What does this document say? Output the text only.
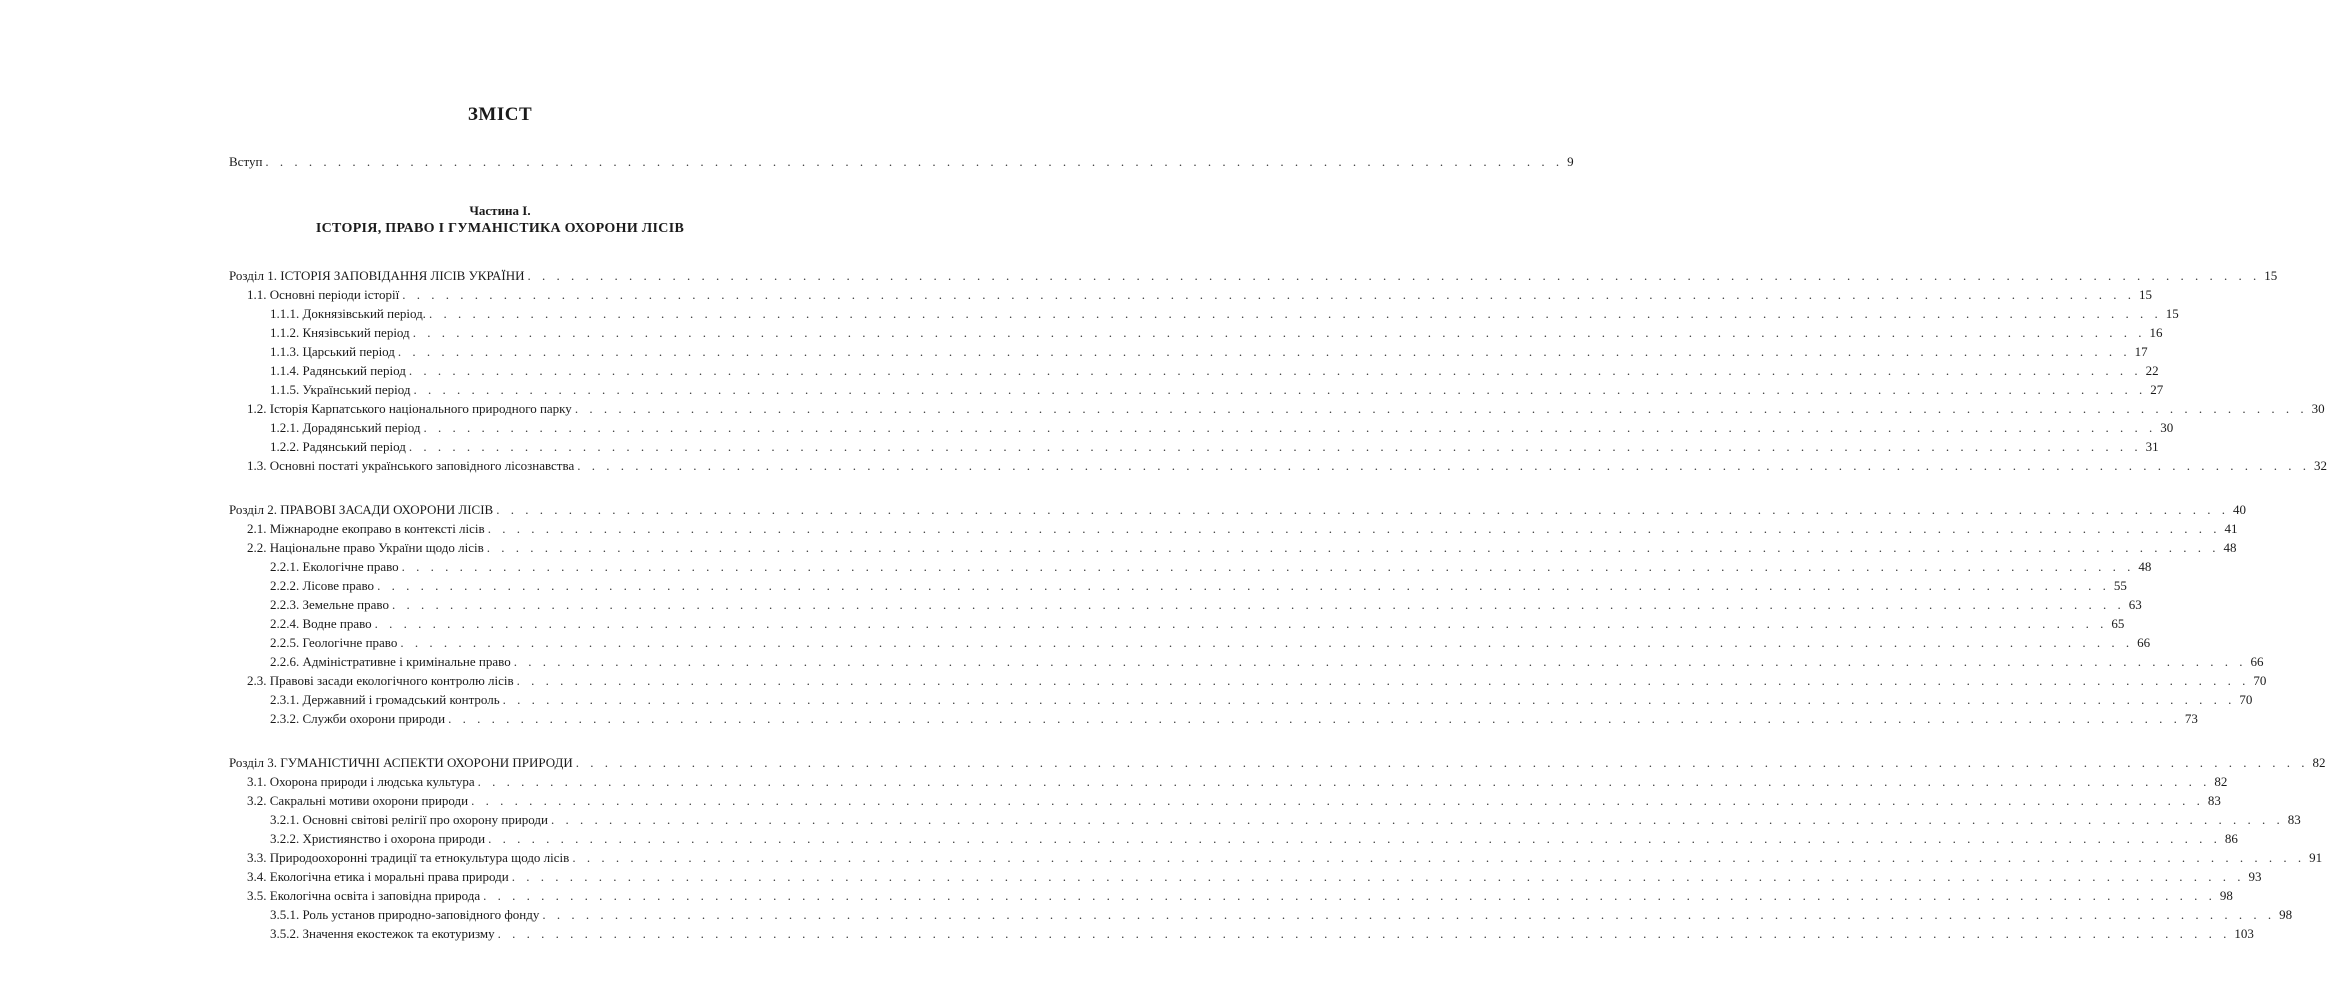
ЗМІСТ
Вступ . . . . . . . . . . . . . . . . . . . . . . . . . . . . . . . . . . . . . . . . . . . . . . . . . . . . . . . . . . . . . . . . . . . . . . . . . . . . . . . . . . . . . . . . . . 9
Частина І.
ІСТОРІЯ, ПРАВО І ГУМАНІСТИКА ОХОРОНИ ЛІСІВ
Розділ 1. ІСТОРІЯ ЗАПОВІДАННЯ ЛІСІВ УКРАЇНИ . . . . . . . . . . . . . . . . . . . . . . . . . . . . . . . . . . . . . . . . . . . . . . . . . . . . . . . . . . . . . . . . . . . . . . . . . . . . . . . . . . . . . . . . . . . . . . . . . . . . . . . . . . . . . . . . . . . . . . . . 15
1.1. Основні періоди історії . . . . . . . . . . . . . . . . . . . . . . . . . . . . . . . . . . . . . . . . . . . . . . . . . . . . . . . . . . . . . . . . . . . . . . . . . . . . . . . . . . . . . . . . . . . . . . . . . . . . . . . . . . . . . . . . . . . . . . . . 15
1.1.1. Докнязівський період. . . . . . . . . . . . . . . . . . . . . . . . . . . . . . . . . . . . . . . . . . . . . . . . . . . . . . . . . . . . . . . . . . . . . . . . . . . . . . . . . . . . . . . . . . . . . . . . . . . . . . . . . . . . . . . . . . . . . . . . . 15
1.1.2. Князівський період . . . . . . . . . . . . . . . . . . . . . . . . . . . . . . . . . . . . . . . . . . . . . . . . . . . . . . . . . . . . . . . . . . . . . . . . . . . . . . . . . . . . . . . . . . . . . . . . . . . . . . . . . . . . . . . . . . . . . . . . 16
1.1.3. Царський період . . . . . . . . . . . . . . . . . . . . . . . . . . . . . . . . . . . . . . . . . . . . . . . . . . . . . . . . . . . . . . . . . . . . . . . . . . . . . . . . . . . . . . . . . . . . . . . . . . . . . . . . . . . . . . . . . . . . . . . . 17
1.1.4. Радянський період . . . . . . . . . . . . . . . . . . . . . . . . . . . . . . . . . . . . . . . . . . . . . . . . . . . . . . . . . . . . . . . . . . . . . . . . . . . . . . . . . . . . . . . . . . . . . . . . . . . . . . . . . . . . . . . . . . . . . . . . 22
1.1.5. Український період . . . . . . . . . . . . . . . . . . . . . . . . . . . . . . . . . . . . . . . . . . . . . . . . . . . . . . . . . . . . . . . . . . . . . . . . . . . . . . . . . . . . . . . . . . . . . . . . . . . . . . . . . . . . . . . . . . . . . . . . 27
1.2. Історія Карпатського національного природного парку . . . . . . . . . . . . . . . . . . . . . . . . . . . . . . . . . . . . . . . . . . . . . . . . . . . . . . . . . . . . . . . . . . . . . . . . . . . . . . . . . . . . . . . . . . . . . . . . . . . . . . . . . . . . . . . . . . . . . . . . 30
1.2.1. Дорадянський період . . . . . . . . . . . . . . . . . . . . . . . . . . . . . . . . . . . . . . . . . . . . . . . . . . . . . . . . . . . . . . . . . . . . . . . . . . . . . . . . . . . . . . . . . . . . . . . . . . . . . . . . . . . . . . . . . . . . . . . . 30
1.2.2. Радянський період . . . . . . . . . . . . . . . . . . . . . . . . . . . . . . . . . . . . . . . . . . . . . . . . . . . . . . . . . . . . . . . . . . . . . . . . . . . . . . . . . . . . . . . . . . . . . . . . . . . . . . . . . . . . . . . . . . . . . . . . 31
1.3. Основні постаті українського заповідного лісознавства . . . . . . . . . . . . . . . . . . . . . . . . . . . . . . . . . . . . . . . . . . . . . . . . . . . . . . . . . . . . . . . . . . . . . . . . . . . . . . . . . . . . . . . . . . . . . . . . . . . . . . . . . . . . . . . . . . . . . . . . 32
Розділ 2. ПРАВОВІ ЗАСАДИ ОХОРОНИ ЛІСІВ . . . . . . . . . . . . . . . . . . . . . . . . . . . . . . . . . . . . . . . . . . . . . . . . . . . . . . . . . . . . . . . . . . . . . . . . . . . . . . . . . . . . . . . . . . . . . . . . . . . . . . . . . . . . . . . . . . . . . . . . 40
2.1. Міжнародне екоправо в контексті лісів . . . . . . . . . . . . . . . . . . . . . . . . . . . . . . . . . . . . . . . . . . . . . . . . . . . . . . . . . . . . . . . . . . . . . . . . . . . . . . . . . . . . . . . . . . . . . . . . . . . . . . . . . . . . . . . . . . . . . . . . 41
2.2. Національне право України щодо лісів . . . . . . . . . . . . . . . . . . . . . . . . . . . . . . . . . . . . . . . . . . . . . . . . . . . . . . . . . . . . . . . . . . . . . . . . . . . . . . . . . . . . . . . . . . . . . . . . . . . . . . . . . . . . . . . . . . . . . . . . 48
2.2.1. Екологічне право . . . . . . . . . . . . . . . . . . . . . . . . . . . . . . . . . . . . . . . . . . . . . . . . . . . . . . . . . . . . . . . . . . . . . . . . . . . . . . . . . . . . . . . . . . . . . . . . . . . . . . . . . . . . . . . . . . . . . . . . 48
2.2.2. Лісове право . . . . . . . . . . . . . . . . . . . . . . . . . . . . . . . . . . . . . . . . . . . . . . . . . . . . . . . . . . . . . . . . . . . . . . . . . . . . . . . . . . . . . . . . . . . . . . . . . . . . . . . . . . . . . . . . . . . . . . . . 55
2.2.3. Земельне право . . . . . . . . . . . . . . . . . . . . . . . . . . . . . . . . . . . . . . . . . . . . . . . . . . . . . . . . . . . . . . . . . . . . . . . . . . . . . . . . . . . . . . . . . . . . . . . . . . . . . . . . . . . . . . . . . . . . . . . . 63
2.2.4. Водне право . . . . . . . . . . . . . . . . . . . . . . . . . . . . . . . . . . . . . . . . . . . . . . . . . . . . . . . . . . . . . . . . . . . . . . . . . . . . . . . . . . . . . . . . . . . . . . . . . . . . . . . . . . . . . . . . . . . . . . . . 65
2.2.5. Геологічне право . . . . . . . . . . . . . . . . . . . . . . . . . . . . . . . . . . . . . . . . . . . . . . . . . . . . . . . . . . . . . . . . . . . . . . . . . . . . . . . . . . . . . . . . . . . . . . . . . . . . . . . . . . . . . . . . . . . . . . . . 66
2.2.6. Адміністративне і кримінальне право . . . . . . . . . . . . . . . . . . . . . . . . . . . . . . . . . . . . . . . . . . . . . . . . . . . . . . . . . . . . . . . . . . . . . . . . . . . . . . . . . . . . . . . . . . . . . . . . . . . . . . . . . . . . . . . . . . . . . . . . 66
2.3. Правові засади екологічного контролю лісів . . . . . . . . . . . . . . . . . . . . . . . . . . . . . . . . . . . . . . . . . . . . . . . . . . . . . . . . . . . . . . . . . . . . . . . . . . . . . . . . . . . . . . . . . . . . . . . . . . . . . . . . . . . . . . . . . . . . . . . . 70
2.3.1. Державний і громадський контроль . . . . . . . . . . . . . . . . . . . . . . . . . . . . . . . . . . . . . . . . . . . . . . . . . . . . . . . . . . . . . . . . . . . . . . . . . . . . . . . . . . . . . . . . . . . . . . . . . . . . . . . . . . . . . . . . . . . . . . . . 70
2.3.2. Служби охорони природи . . . . . . . . . . . . . . . . . . . . . . . . . . . . . . . . . . . . . . . . . . . . . . . . . . . . . . . . . . . . . . . . . . . . . . . . . . . . . . . . . . . . . . . . . . . . . . . . . . . . . . . . . . . . . . . . . . . . . . . . 73
Розділ 3. ГУМАНІСТИЧНІ АСПЕКТИ ОХОРОНИ ПРИРОДИ . . . . . . . . . . . . . . . . . . . . . . . . . . . . . . . . . . . . . . . . . . . . . . . . . . . . . . . . . . . . . . . . . . . . . . . . . . . . . . . . . . . . . . . . . . . . . . . . . . . . . . . . . . . . . . . . . . . . . . . . 82
3.1. Охорона природи і людська культура . . . . . . . . . . . . . . . . . . . . . . . . . . . . . . . . . . . . . . . . . . . . . . . . . . . . . . . . . . . . . . . . . . . . . . . . . . . . . . . . . . . . . . . . . . . . . . . . . . . . . . . . . . . . . . . . . . . . . . . . 82
3.2. Сакральні мотиви охорони природи . . . . . . . . . . . . . . . . . . . . . . . . . . . . . . . . . . . . . . . . . . . . . . . . . . . . . . . . . . . . . . . . . . . . . . . . . . . . . . . . . . . . . . . . . . . . . . . . . . . . . . . . . . . . . . . . . . . . . . . . 83
3.2.1. Основні світові релігії про охорону природи . . . . . . . . . . . . . . . . . . . . . . . . . . . . . . . . . . . . . . . . . . . . . . . . . . . . . . . . . . . . . . . . . . . . . . . . . . . . . . . . . . . . . . . . . . . . . . . . . . . . . . . . . . . . . . . . . . . . . . . . 83
3.2.2. Християнство і охорона природи . . . . . . . . . . . . . . . . . . . . . . . . . . . . . . . . . . . . . . . . . . . . . . . . . . . . . . . . . . . . . . . . . . . . . . . . . . . . . . . . . . . . . . . . . . . . . . . . . . . . . . . . . . . . . . . . . . . . . . . . 86
3.3. Природоохоронні традиції та етнокультура щодо лісів . . . . . . . . . . . . . . . . . . . . . . . . . . . . . . . . . . . . . . . . . . . . . . . . . . . . . . . . . . . . . . . . . . . . . . . . . . . . . . . . . . . . . . . . . . . . . . . . . . . . . . . . . . . . . . . . . . . . . . . . 91
3.4. Екологічна етика і моральні права природи . . . . . . . . . . . . . . . . . . . . . . . . . . . . . . . . . . . . . . . . . . . . . . . . . . . . . . . . . . . . . . . . . . . . . . . . . . . . . . . . . . . . . . . . . . . . . . . . . . . . . . . . . . . . . . . . . . . . . . . . 93
3.5. Екологічна освіта і заповідна природа . . . . . . . . . . . . . . . . . . . . . . . . . . . . . . . . . . . . . . . . . . . . . . . . . . . . . . . . . . . . . . . . . . . . . . . . . . . . . . . . . . . . . . . . . . . . . . . . . . . . . . . . . . . . . . . . . . . . . . . . 98
3.5.1. Роль установ природно-заповідного фонду . . . . . . . . . . . . . . . . . . . . . . . . . . . . . . . . . . . . . . . . . . . . . . . . . . . . . . . . . . . . . . . . . . . . . . . . . . . . . . . . . . . . . . . . . . . . . . . . . . . . . . . . . . . . . . . . . . . . . . . . 98
3.5.2. Значення екостежок та екотуризму . . . . . . . . . . . . . . . . . . . . . . . . . . . . . . . . . . . . . . . . . . . . . . . . . . . . . . . . . . . . . . . . . . . . . . . . . . . . . . . . . . . . . . . . . . . . . . . . . . . . . . . . . . . . . . . . . . . . . . . . 103
